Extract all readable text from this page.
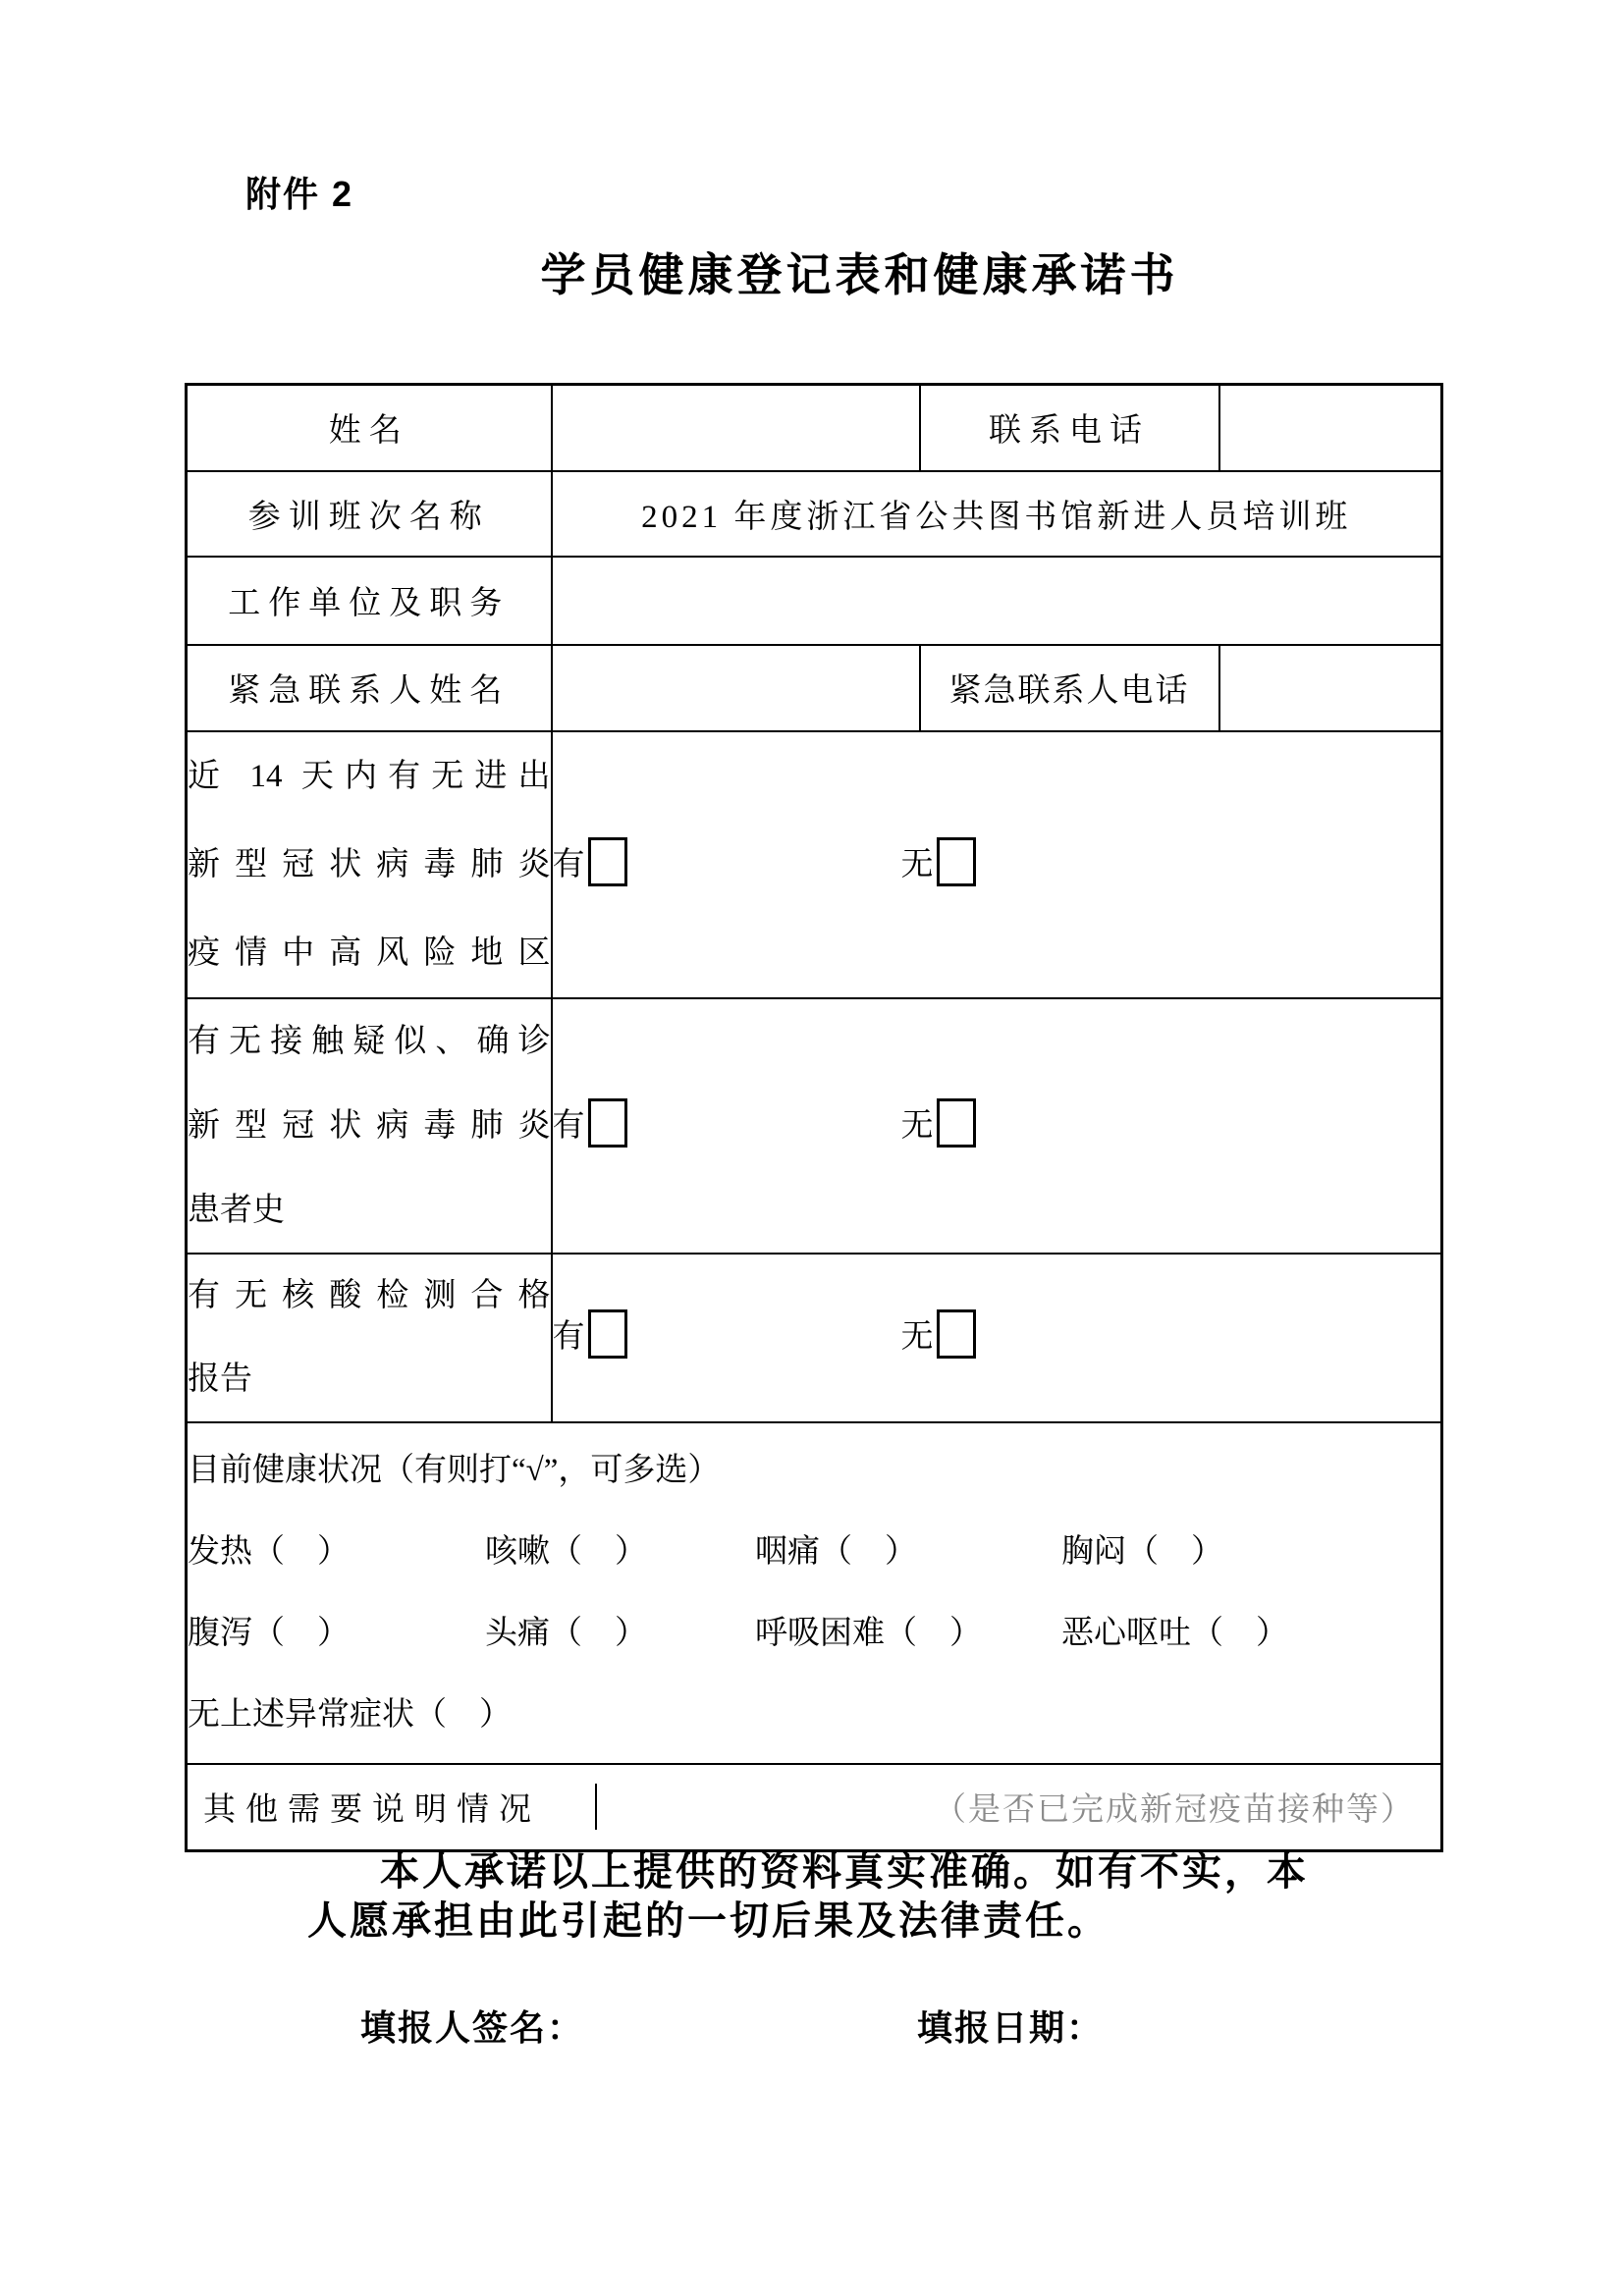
附件 2
学员健康登记表和健康承诺书
姓名		联系电话	
参训班次名称	2021 年度浙江省公共图书馆新进人员培训班		
工作单位及职务			
紧急联系人姓名		紧急联系人电话	

近 14 天内有无进出
新型冠状病毒肺炎
疫情中高风险地区	有 无		

有无接触疑似、确诊
新型冠状病毒肺炎
患者史	有 无		

有无核酸检测合格
报告	有 无		

目前健康状况（有则打“√”，可多选）
发热（　）	咳嗽（　）	咽痛（　）	胸闷（　）
腹泻（　）	头痛（　）	呼吸困难（　）	恶心呕吐（　）
无上述异常症状（　）

其他需要说明情况 （是否已完成新冠疫苗接种等）			
本人承诺以上提供的资料真实准确。如有不实，本
人愿承担由此引起的一切后果及法律责任。
填报人签名：	填报日期：
